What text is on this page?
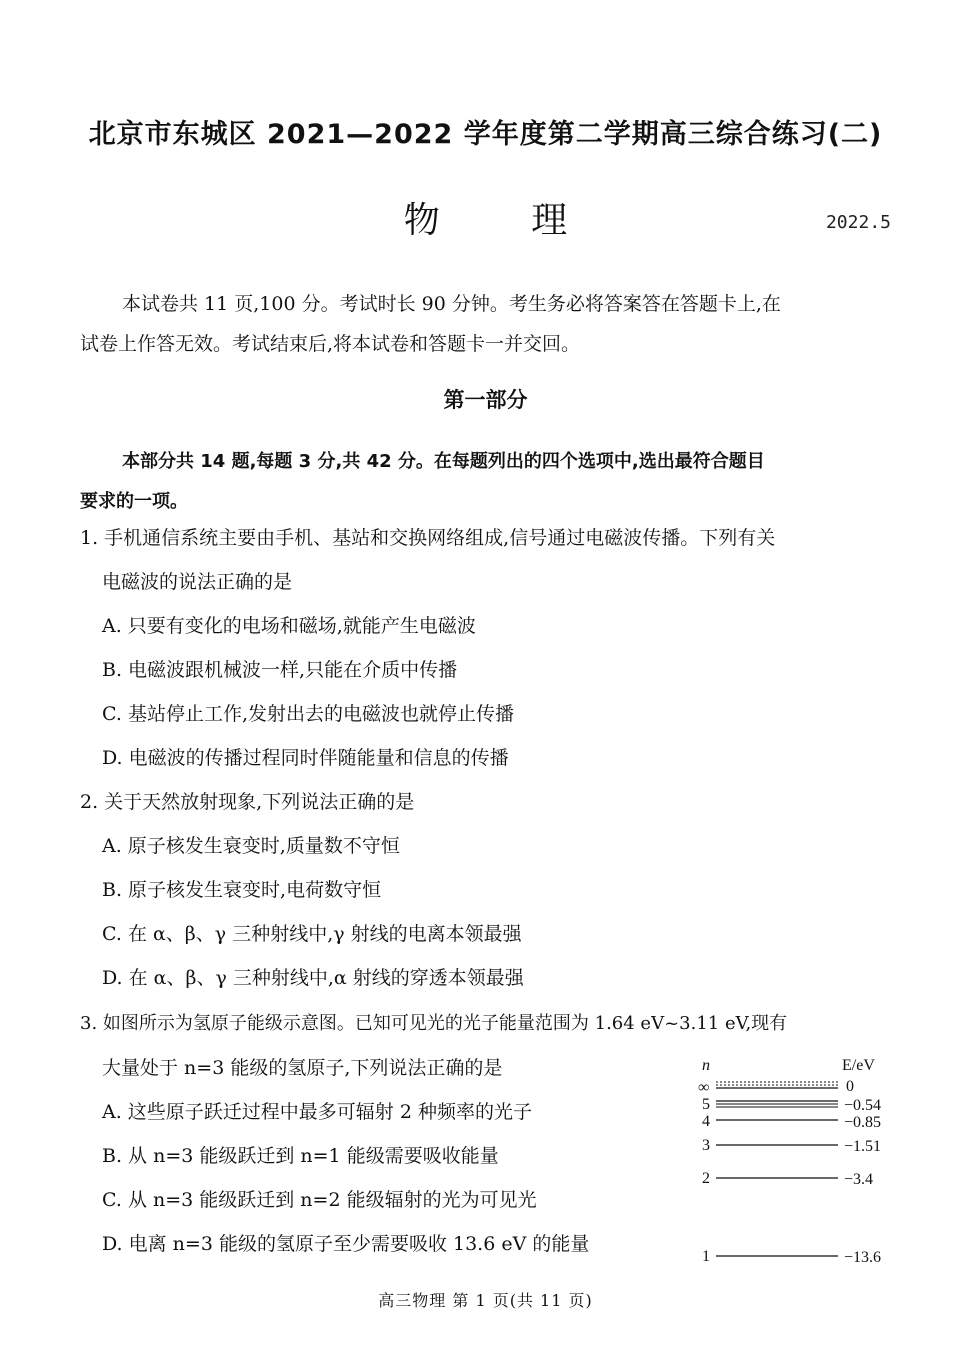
北京市东城区 2021—2022 学年度第二学期高三综合练习(二)
物 理	2022.5
本试卷共 11 页,100 分。考试时长 90 分钟。考生务必将答案答在答题卡上,在
试卷上作答无效。考试结束后,将本试卷和答题卡一并交回。
第一部分
本部分共 14 题,每题 3 分,共 42 分。在每题列出的四个选项中,选出最符合题目
要求的一项。
1. 手机通信系统主要由手机、基站和交换网络组成,信号通过电磁波传播。下列有关
电磁波的说法正确的是
A. 只要有变化的电场和磁场,就能产生电磁波
B. 电磁波跟机械波一样,只能在介质中传播
C. 基站停止工作,发射出去的电磁波也就停止传播
D. 电磁波的传播过程同时伴随能量和信息的传播
2. 关于天然放射现象,下列说法正确的是
A. 原子核发生衰变时,质量数不守恒
B. 原子核发生衰变时,电荷数守恒
C. 在 α、β、γ 三种射线中,γ 射线的电离本领最强
D. 在 α、β、γ 三种射线中,α 射线的穿透本领最强
3. 如图所示为氢原子能级示意图。已知可见光的光子能量范围为 1.64 eV~3.11 eV,现有
大量处于 n=3 能级的氢原子,下列说法正确的是
A. 这些原子跃迁过程中最多可辐射 2 种频率的光子
B. 从 n=3 能级跃迁到 n=1 能级需要吸收能量
C. 从 n=3 能级跃迁到 n=2 能级辐射的光为可见光
D. 电离 n=3 能级的氢原子至少需要吸收 13.6 eV 的能量
n	E/eV
∞
5
4
3
2
1
0
−0.54
−0.85
−1.51
−3.4
−13.6
高三物理 第 1 页(共 11 页)
